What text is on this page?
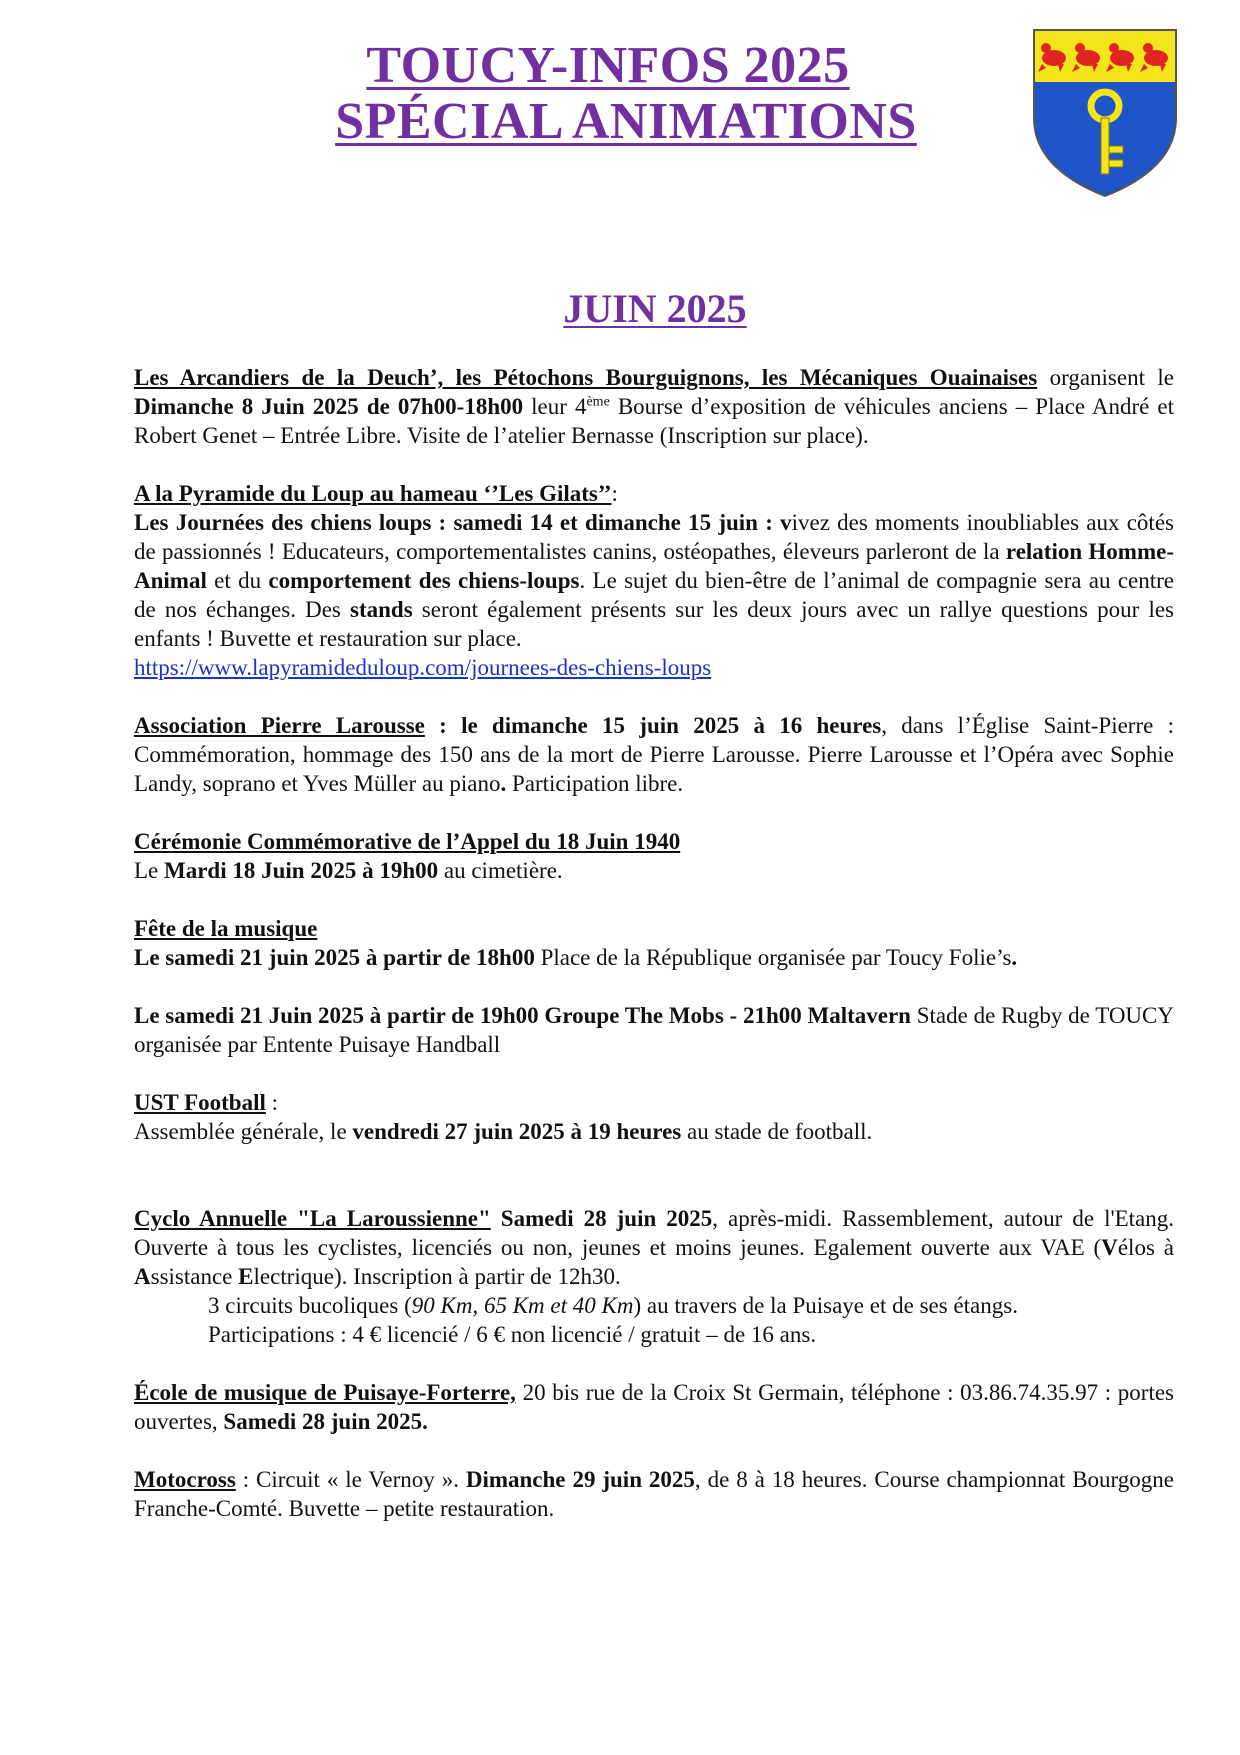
TOUCY-INFOS 2025
SPÉCIAL ANIMATIONS
JUIN 2025

Les Arcandiers de la Deuch’, les Pétochons Bourguignons, les Mécaniques Ouainaises organisent le Dimanche 8 Juin 2025 de 07h00-18h00 leur 4ème Bourse d’exposition de véhicules anciens – Place André et Robert Genet – Entrée Libre. Visite de l’atelier Bernasse (Inscription sur place).

A la Pyramide du Loup au hameau ‘’Les Gilats’’:
Les Journées des chiens loups : samedi 14 et dimanche 15 juin : vivez des moments inoubliables aux côtés de passionnés ! Educateurs, comportementalistes canins, ostéopathes, éleveurs parleront de la relation Homme-Animal et du comportement des chiens-loups. Le sujet du bien-être de l’animal de compagnie sera au centre de nos échanges. Des stands seront également présents sur les deux jours avec un rallye questions pour les enfants ! Buvette et restauration sur place.
https://www.lapyramideduloup.com/journees-des-chiens-loups

Association Pierre Larousse : le dimanche 15 juin 2025 à 16 heures, dans l’Église Saint-Pierre : Commémoration, hommage des 150 ans de la mort de Pierre Larousse. Pierre Larousse et l’Opéra avec Sophie Landy, soprano et Yves Müller au piano. Participation libre.

Cérémonie Commémorative de l’Appel du 18 Juin 1940
Le Mardi 18 Juin 2025 à 19h00 au cimetière.

Fête de la musique
Le samedi 21 juin 2025 à partir de 18h00 Place de la République organisée par Toucy Folie’s.

Le samedi 21 Juin 2025 à partir de 19h00 Groupe The Mobs - 21h00 Maltavern Stade de Rugby de TOUCY organisée par Entente Puisaye Handball

UST Football :
Assemblée générale, le vendredi 27 juin 2025 à 19 heures au stade de football.

Cyclo Annuelle "La Laroussienne" Samedi 28 juin 2025, après-midi. Rassemblement, autour de l'Etang. Ouverte à tous les cyclistes, licenciés ou non, jeunes et moins jeunes. Egalement ouverte aux VAE (Vélos à Assistance Electrique). Inscription à partir de 12h30.
3 circuits bucoliques (90 Km, 65 Km et 40 Km) au travers de la Puisaye et de ses étangs.
Participations : 4 € licencié / 6 € non licencié / gratuit – de 16 ans.

École de musique de Puisaye-Forterre, 20 bis rue de la Croix St Germain, téléphone : 03.86.74.35.97 : portes ouvertes, Samedi 28 juin 2025.

Motocross : Circuit « le Vernoy ». Dimanche 29 juin 2025, de 8 à 18 heures. Course championnat Bourgogne Franche-Comté. Buvette – petite restauration.
